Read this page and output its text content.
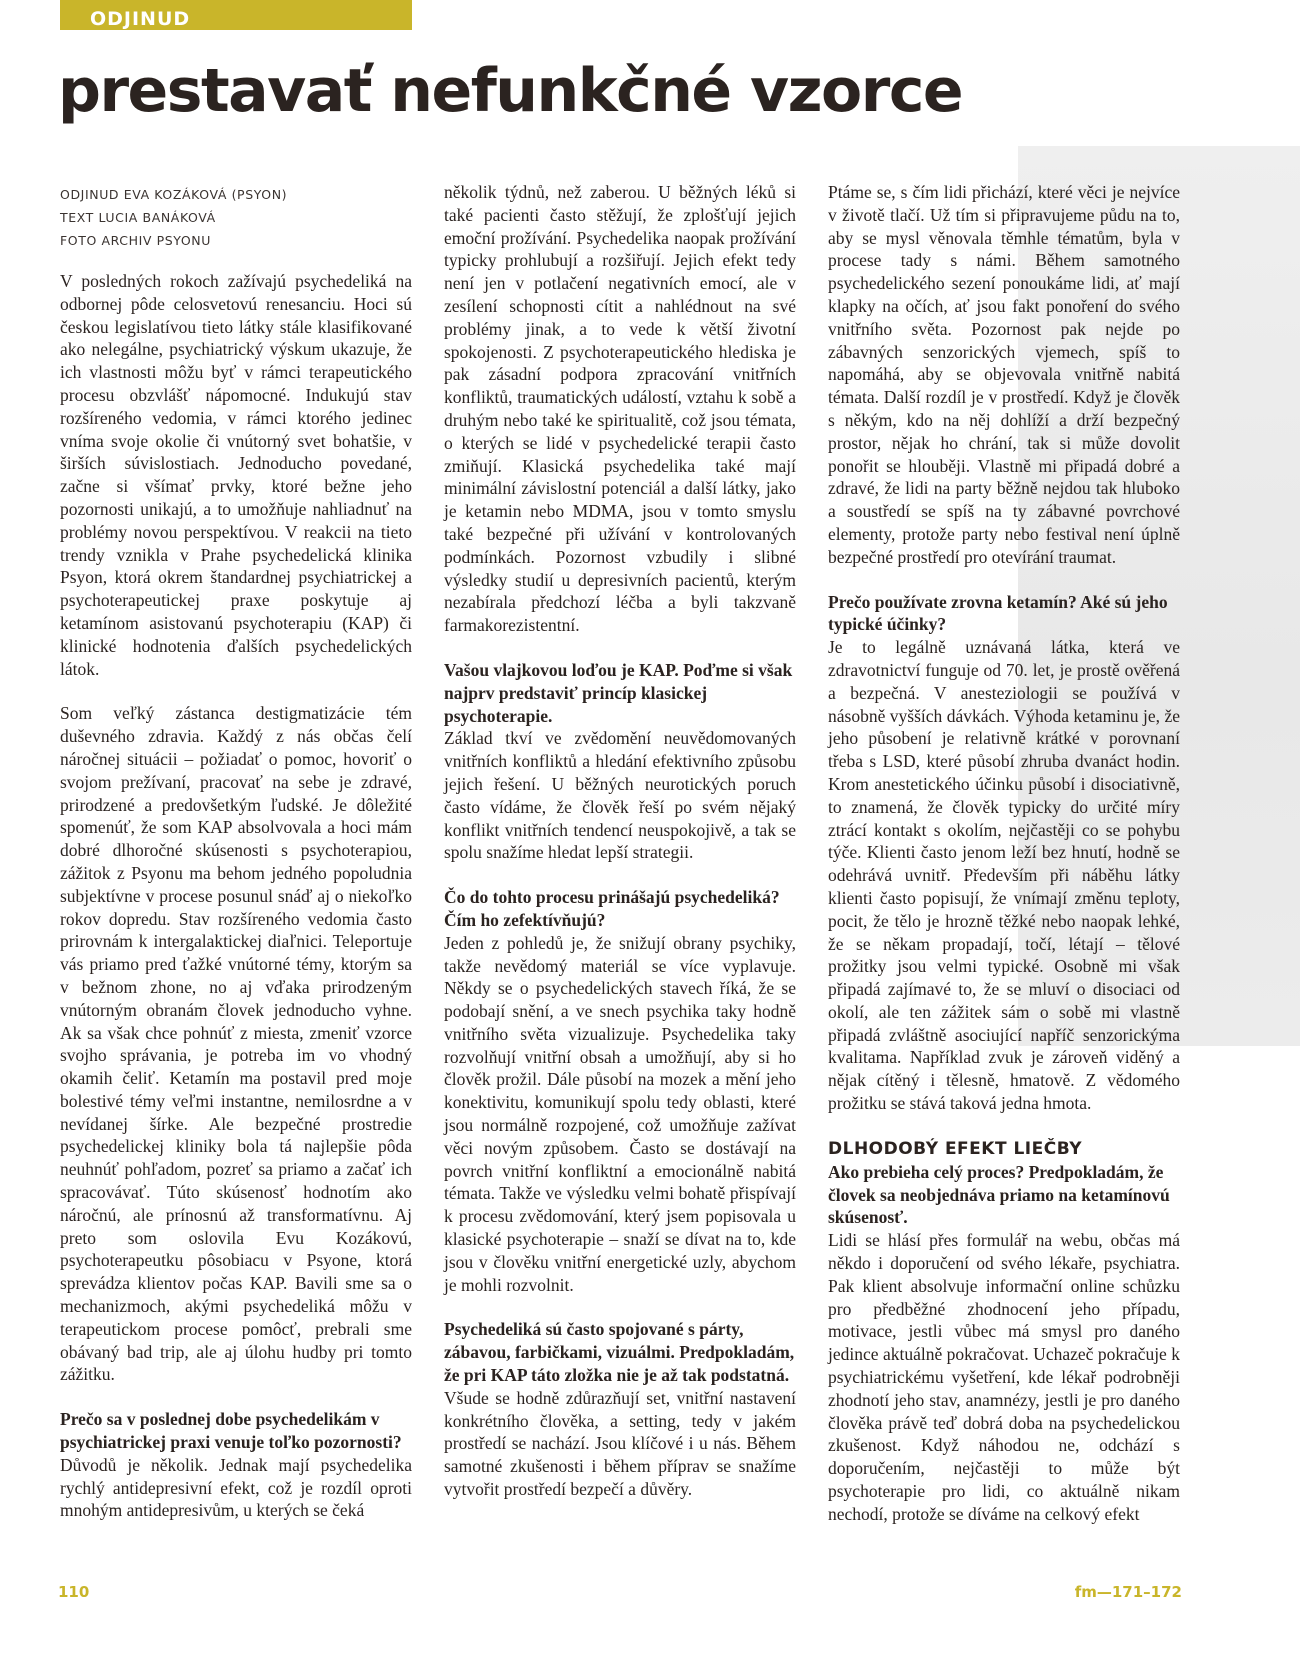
ODJINUD
prestavať nefunkčné vzorce
ODJINUD EVA KOZÁKOVÁ (PSYON)
TEXT LUCIA BANÁKOVÁ
FOTO ARCHIV PSYONU

V posledných rokoch zažívajú psychedeliká na odbornej pôde celosvetovú renesanciu. Hoci sú českou legislatívou tieto látky stále klasifikované ako nelegálne, psychiatrický výskum ukazuje, že ich vlastnosti môžu byť v rámci terapeutického procesu obzvlášť nápomocné. Indukujú stav rozšíreného vedomia, v rámci ktorého jedinec vníma svoje okolie či vnútorný svet bohatšie, v širších súvislostiach. Jednoducho povedané, začne si všímať prvky, ktoré bežne jeho pozornosti unikajú, a to umožňuje nahliadnuť na problémy novou perspektívou. V reakcii na tieto trendy vznikla v Prahe psychedelická klinika Psyon, ktorá okrem štandardnej psychiatrickej a psychoterapeutickej praxe poskytuje aj ketamínom asistovanú psychoterapiu (KAP) či klinické hodnotenia ďalších psychedelických látok.

Som veľký zástanca destigmatizácie tém duševného zdravia. Každý z nás občas čelí náročnej situácii – požiadať o pomoc, hovoriť o svojom prežívaní, pracovať na sebe je zdravé, prirodzené a predovšetkým ľudské. Je dôležité spomenúť, že som KAP absolvovala a hoci mám dobré dlhoročné skúsenosti s psychoterapiou, zážitok z Psyonu ma behom jedného popoludnia subjektívne v procese posunul snáď aj o niekoľko rokov dopredu. Stav rozšíreného vedomia často prirovnám k intergalaktickej diaľnici. Teleportuje vás priamo pred ťažké vnútorné témy, ktorým sa v bežnom zhone, no aj vďaka prirodzeným vnútorným obranám človek jednoducho vyhne. Ak sa však chce pohnúť z miesta, zmeniť vzorce svojho správania, je potreba im vo vhodný okamih čeliť. Ketamín ma postavil pred moje bolestivé témy veľmi instantne, nemilosrdne a v nevídanej šírke. Ale bezpečné prostredie psychedelickej kliniky bola tá najlepšie pôda neuhnúť pohľadom, pozreť sa priamo a začať ich spracovávať. Túto skúsenosť hodnotím ako náročnú, ale prínosnú až transformatívnu. Aj preto som oslovila Evu Kozákovú, psychoterapeutku pôsobiacu v Psyone, ktorá sprevádza klientov počas KAP. Bavili sme sa o mechanizmoch, akými psychedeliká môžu v terapeutickom procese pomôcť, prebrali sme obávaný bad trip, ale aj úlohu hudby pri tomto zážitku.

Prečo sa v poslednej dobe psychedelikám v psychiatrickej praxi venuje toľko pozornosti?

Důvodů je několik. Jednak mají psychedelika rychlý antidepresivní efekt, což je rozdíl oproti mnohým antidepresivům, u kterých se čeká

několik týdnů, než zaberou. U běžných léků si také pacienti často stěžují, že zplošťují jejich emoční prožívání. Psychedelika naopak prožívání typicky prohlubují a rozšiřují. Jejich efekt tedy není jen v potlačení negativních emocí, ale v zesílení schopnosti cítit a nahlédnout na své problémy jinak, a to vede k větší životní spokojenosti. Z psychoterapeutického hlediska je pak zásadní podpora zpracování vnitřních konfliktů, traumatických událostí, vztahu k sobě a druhým nebo také ke spiritualitě, což jsou témata, o kterých se lidé v psychedelické terapii často zmiňují. Klasická psychedelika také mají minimální závislostní potenciál a další látky, jako je ketamin nebo MDMA, jsou v tomto smyslu také bezpečné při užívání v kontrolovaných podmínkách. Pozornost vzbudily i slibné výsledky studií u depresivních pacientů, kterým nezabírala předchozí léčba a byli takzvaně farmakorezistentní.

Vašou vlajkovou loďou je KAP. Poďme si však najprv predstaviť princíp klasickej psychoterapie.

Základ tkví ve zvědomění neuvědomovaných vnitřních konfliktů a hledání efektivního způsobu jejich řešení. U běžných neurotických poruch často vídáme, že člověk řeší po svém nějaký konflikt vnitřních tendencí neuspokojivě, a tak se spolu snažíme hledat lepší strategii.

Čo do tohto procesu prinášajú psychedeliká? Čím ho zefektívňujú?

Jeden z pohledů je, že snižují obrany psychiky, takže nevědomý materiál se více vyplavuje. Někdy se o psychedelických stavech říká, že se podobají snění, a ve snech psychika taky hodně vnitřního světa vizualizuje. Psychedelika taky rozvolňují vnitřní obsah a umožňují, aby si ho člověk prožil. Dále působí na mozek a mění jeho konektivitu, komunikují spolu tedy oblasti, které jsou normálně rozpojené, což umožňuje zažívat věci novým způsobem. Často se dostávají na povrch vnitřní konfliktní a emocionálně nabitá témata. Takže ve výsledku velmi bohatě přispívají k procesu zvědomování, který jsem popisovala u klasické psychoterapie – snaží se dívat na to, kde jsou v člověku vnitřní energetické uzly, abychom je mohli rozvolnit.

Psychedeliká sú často spojované s párty, zábavou, farbičkami, vizuálmi. Predpokladám, že pri KAP táto zložka nie je až tak podstatná.

Všude se hodně zdůrazňují set, vnitřní nastavení konkrétního člověka, a setting, tedy v jakém prostředí se nachází. Jsou klíčové i u nás. Během samotné zkušenosti i během příprav se snažíme vytvořit prostředí bezpečí a důvěry.

Ptáme se, s čím lidi přichází, které věci je nejvíce v životě tlačí. Už tím si připravujeme půdu na to, aby se mysl věnovala těmhle tématům, byla v procese tady s námi. Během samotného psychedelického sezení ponoukáme lidi, ať mají klapky na očích, ať jsou fakt ponoření do svého vnitřního světa. Pozornost pak nejde po zábavných senzorických vjemech, spíš to napomáhá, aby se objevovala vnitřně nabitá témata. Další rozdíl je v prostředí. Když je člověk s někým, kdo na něj dohlíží a drží bezpečný prostor, nějak ho chrání, tak si může dovolit ponořit se hlouběji. Vlastně mi připadá dobré a zdravé, že lidi na party běžně nejdou tak hluboko a soustředí se spíš na ty zábavné povrchové elementy, protože party nebo festival není úplně bezpečné prostředí pro otevírání traumat.

Prečo používate zrovna ketamín? Aké sú jeho typické účinky?

Je to legálně uznávaná látka, která ve zdravotnictví funguje od 70. let, je prostě ověřená a bezpečná. V anesteziologii se používá v násobně vyšších dávkách. Výhoda ketaminu je, že jeho působení je relativně krátké v porovnaní třeba s LSD, které působí zhruba dvanáct hodin. Krom anestetického účinku působí i disociativně, to znamená, že člověk typicky do určité míry ztrácí kontakt s okolím, nejčastěji co se pohybu týče. Klienti často jenom leží bez hnutí, hodně se odehrává uvnitř. Především při náběhu látky klienti často popisují, že vnímají změnu teploty, pocit, že tělo je hrozně těžké nebo naopak lehké, že se někam propadají, točí, létají – tělové prožitky jsou velmi typické. Osobně mi však připadá zajímavé to, že se mluví o disociaci od okolí, ale ten zážitek sám o sobě mi vlastně připadá zvláštně asociující napříč senzorickýma kvalitama. Například zvuk je zároveň viděný a nějak cítěný i tělesně, hmatově. Z vědomého prožitku se stává taková jedna hmota.

DLHODOBÝ EFEKT LIEČBY

Ako prebieha celý proces? Predpokladám, že človek sa neobjednáva priamo na ketamínovú skúsenosť.

Lidi se hlásí přes formulář na webu, občas má někdo i doporučení od svého lékaře, psychiatra. Pak klient absolvuje informační online schůzku pro předběžné zhodnocení jeho případu, motivace, jestli vůbec má smysl pro daného jedince aktuálně pokračovat. Uchazeč pokračuje k psychiatrickému vyšetření, kde lékař podrobněji zhodnotí jeho stav, anamnézy, jestli je pro daného člověka právě teď dobrá doba na psychedelickou zkušenost. Když náhodou ne, odchází s doporučením, nejčastěji to může být psychoterapie pro lidi, co aktuálně nikam nechodí, protože se díváme na celkový efekt

110	fm—171–172
